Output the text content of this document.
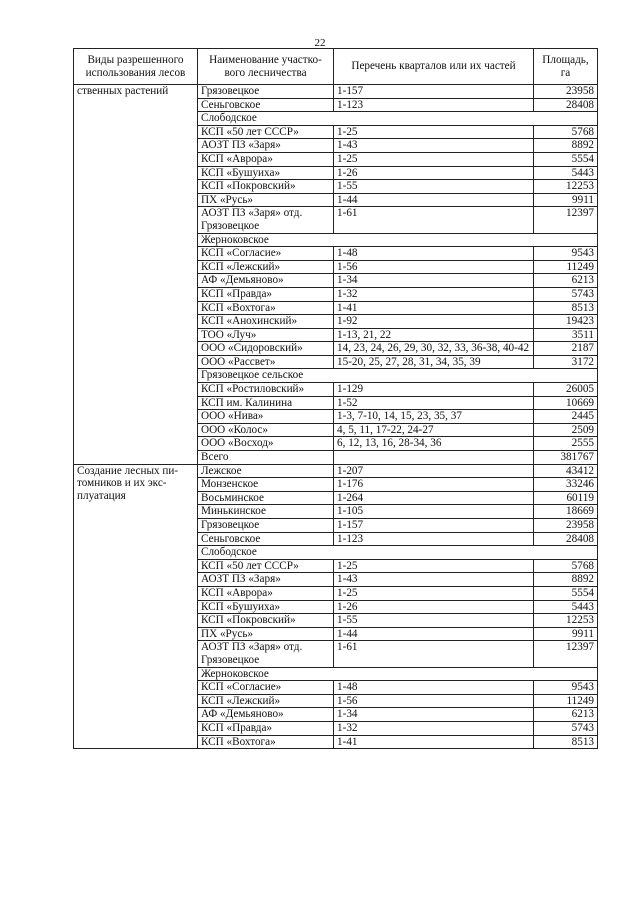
22
Виды разрешенного использования лесов	Наименование участко-вого лесничества	Перечень кварталов или их частей	Площадь, га
ственных растений	Грязовецкое	1-157	23958
	Сеньговское	1-123	28408
	Слободское		
	КСП «50 лет СССР»	1-25	5768
	АОЗТ ПЗ «Заря»	1-43	8892
	КСП «Аврора»	1-25	5554
	КСП «Бушуиха»	1-26	5443
	КСП «Покровский»	1-55	12253
	ПХ «Русь»	1-44	9911
	АОЗТ ПЗ «Заря» отд. Грязовецкое	1-61	12397
	Жерноковское		
	КСП «Согласие»	1-48	9543
	КСП «Лежский»	1-56	11249
	АФ «Демьяново»	1-34	6213
	КСП «Правда»	1-32	5743
	КСП «Вохтога»	1-41	8513
	КСП «Анохинский»	1-92	19423
	ТОО «Луч»	1-13, 21, 22	3511
	ООО «Сидоровский»	14, 23, 24, 26, 29, 30, 32, 33, 36-38, 40-42	2187
	ООО «Рассвет»	15-20, 25, 27, 28, 31, 34, 35, 39	3172
	Грязовецкое сельское		
	КСП «Ростиловский»	1-129	26005
	КСП им. Калинина	1-52	10669
	ООО «Нива»	1-3, 7-10, 14, 15, 23, 35, 37	2445
	ООО «Колос»	4, 5, 11, 17-22, 24-27	2509
	ООО «Восход»	6, 12, 13, 16, 28-34, 36	2555
	Всего		381767
Создание лесных пи-томников и их экс-плуатация	Лежское	1-207	43412
	Монзенское	1-176	33246
	Восьминское	1-264	60119
	Минькинское	1-105	18669
	Грязовецкое	1-157	23958
	Сеньговское	1-123	28408
	Слободское		
	КСП «50 лет СССР»	1-25	5768
	АОЗТ ПЗ «Заря»	1-43	8892
	КСП «Аврора»	1-25	5554
	КСП «Бушуиха»	1-26	5443
	КСП «Покровский»	1-55	12253
	ПХ «Русь»	1-44	9911
	АОЗТ ПЗ «Заря» отд. Грязовецкое	1-61	12397
	Жерноковское		
	КСП «Согласие»	1-48	9543
	КСП «Лежский»	1-56	11249
	АФ «Демьяново»	1-34	6213
	КСП «Правда»	1-32	5743
	КСП «Вохтога»	1-41	8513
